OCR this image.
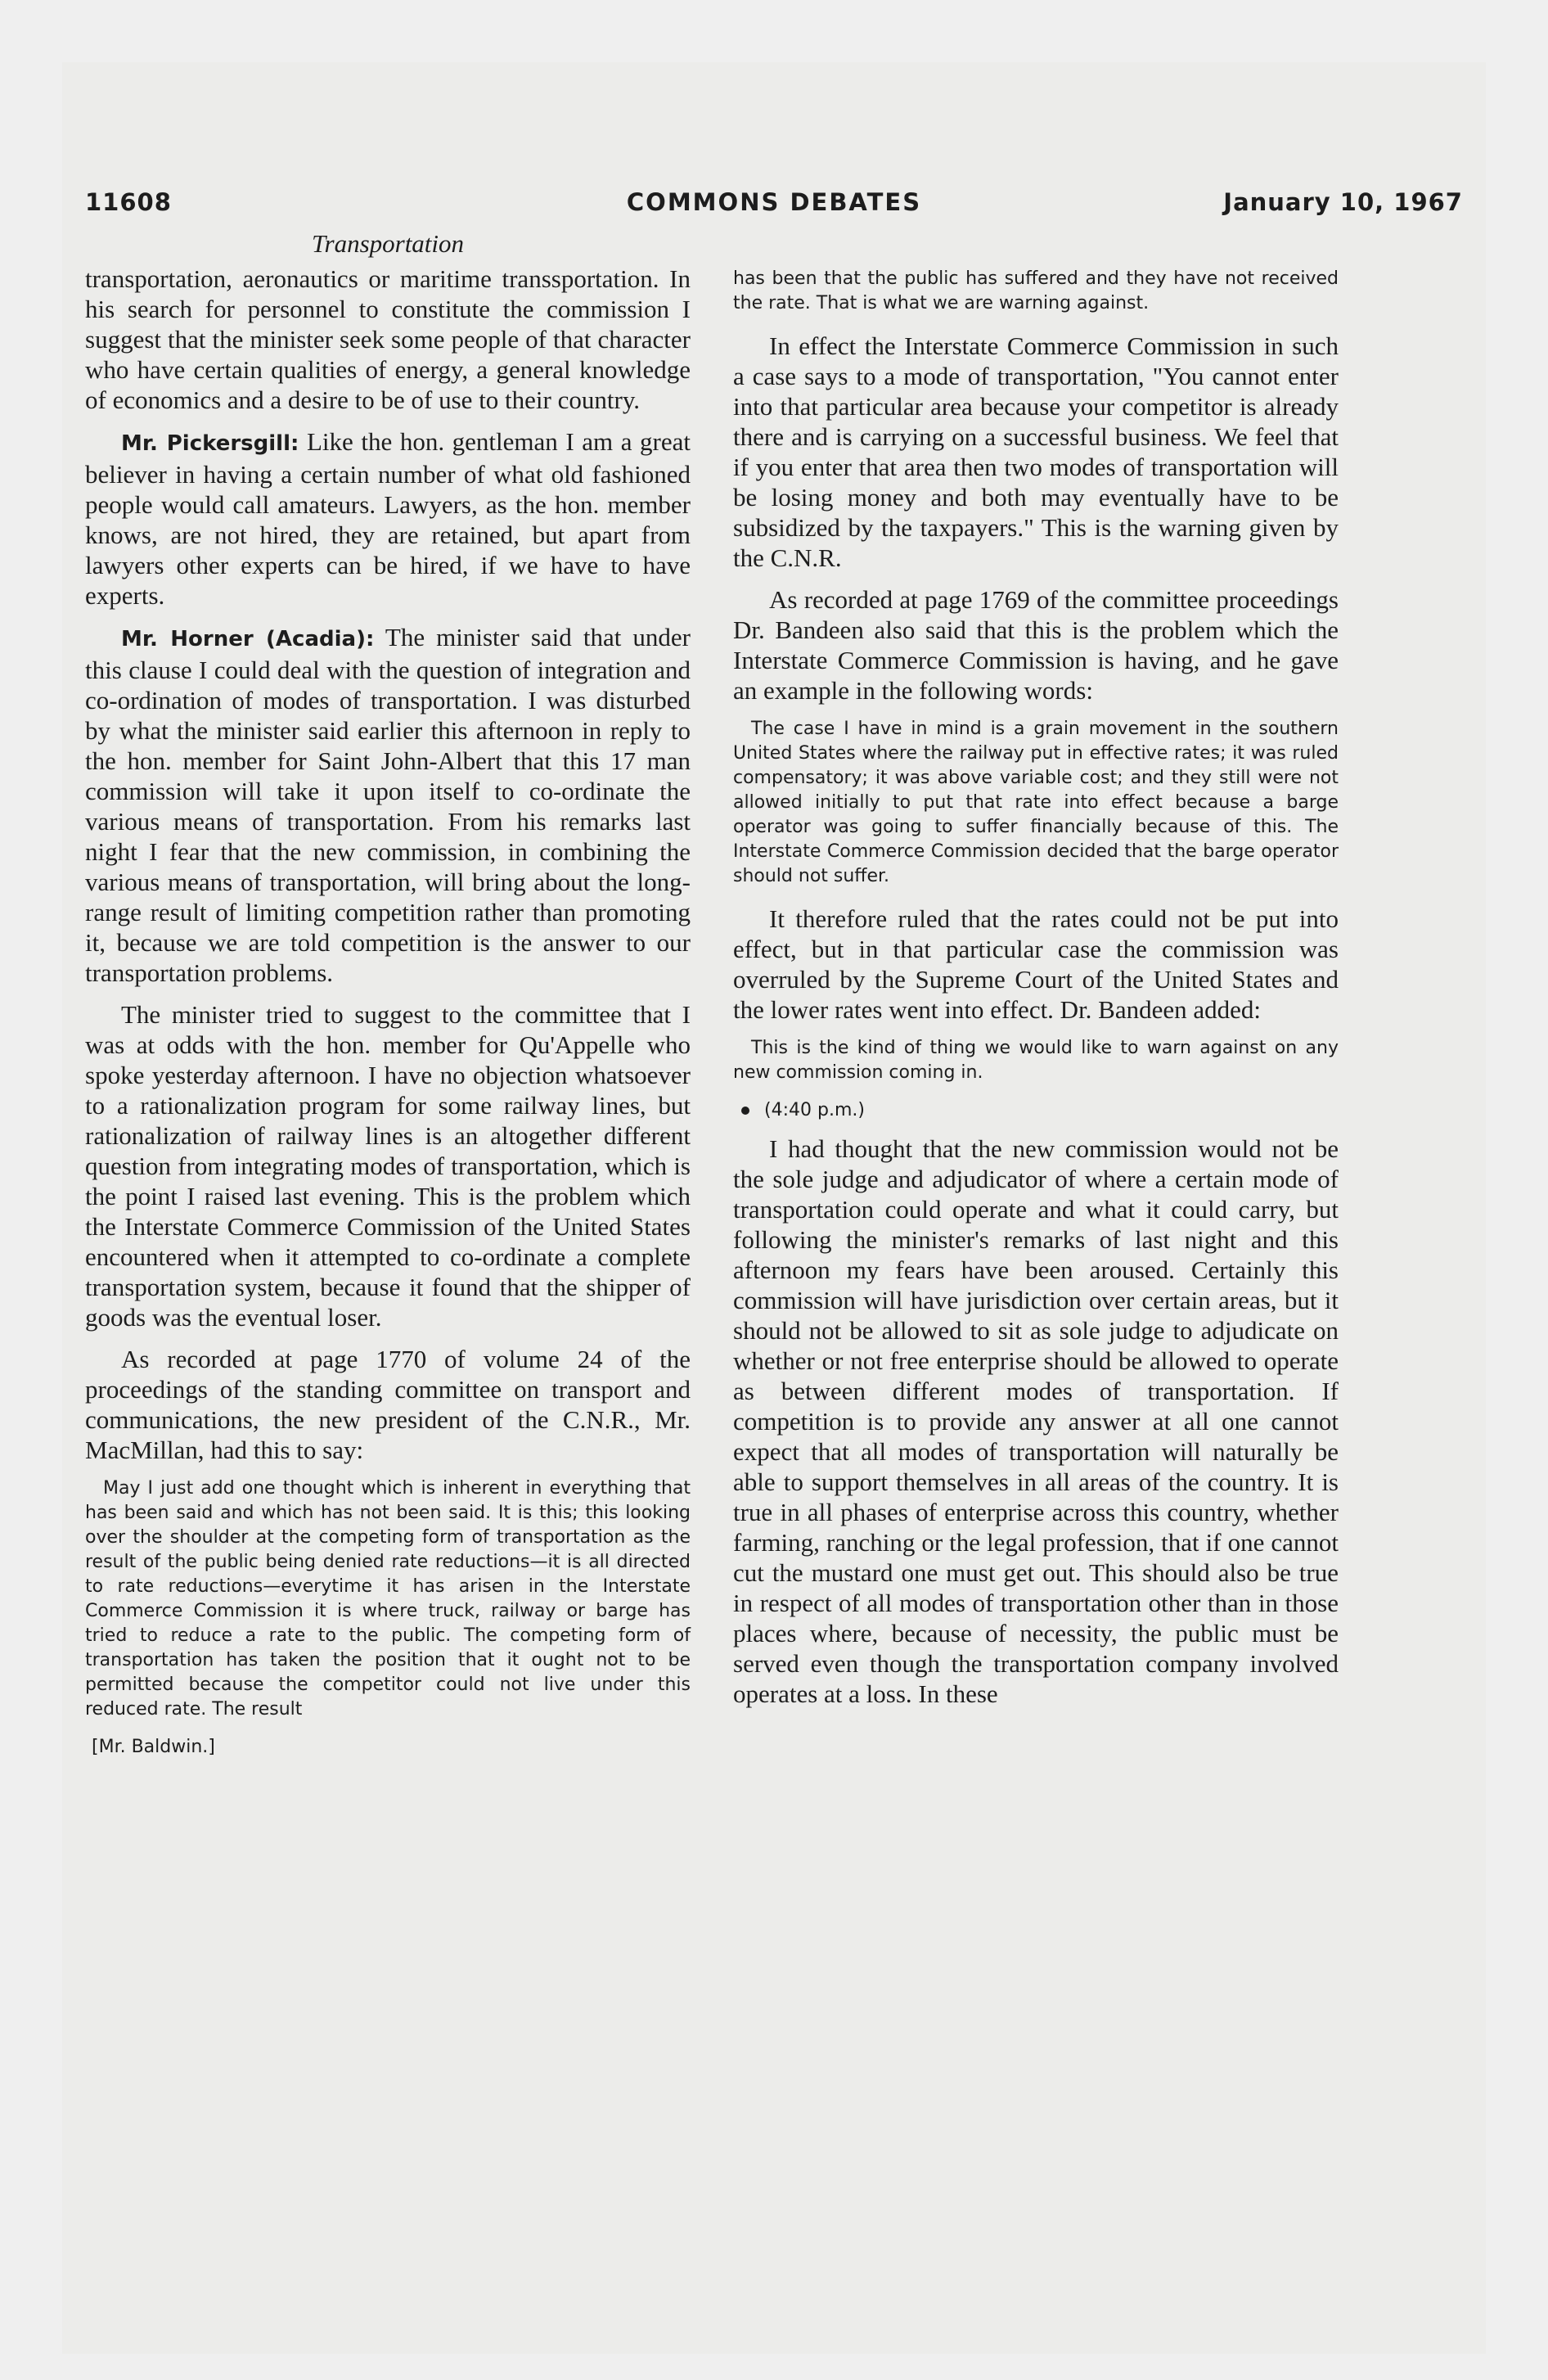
11608	COMMONS DEBATES	January 10, 1967
Transportation

transportation, aeronautics or maritime transsportation. In his search for personnel to constitute the commission I suggest that the minister seek some people of that character who have certain qualities of energy, a general knowledge of economics and a desire to be of use to their country.

Mr. Pickersgill: Like the hon. gentleman I am a great believer in having a certain number of what old fashioned people would call amateurs. Lawyers, as the hon. member knows, are not hired, they are retained, but apart from lawyers other experts can be hired, if we have to have experts.

Mr. Horner (Acadia): The minister said that under this clause I could deal with the question of integration and co-ordination of modes of transportation. I was disturbed by what the minister said earlier this afternoon in reply to the hon. member for Saint John-Albert that this 17 man commission will take it upon itself to co-ordinate the various means of transportation. From his remarks last night I fear that the new commission, in combining the various means of transportation, will bring about the long-range result of limiting competition rather than promoting it, because we are told competition is the answer to our transportation problems.

The minister tried to suggest to the committee that I was at odds with the hon. member for Qu'Appelle who spoke yesterday afternoon. I have no objection whatsoever to a rationalization program for some railway lines, but rationalization of railway lines is an altogether different question from integrating modes of transportation, which is the point I raised last evening. This is the problem which the Interstate Commerce Commission of the United States encountered when it attempted to co-ordinate a complete transportation system, because it found that the shipper of goods was the eventual loser.

As recorded at page 1770 of volume 24 of the proceedings of the standing committee on transport and communications, the new president of the C.N.R., Mr. MacMillan, had this to say:

May I just add one thought which is inherent in everything that has been said and which has not been said. It is this; this looking over the shoulder at the competing form of transportation as the result of the public being denied rate reductions—it is all directed to rate reductions—everytime it has arisen in the Interstate Commerce Commission it is where truck, railway or barge has tried to reduce a rate to the public. The competing form of transportation has taken the position that it ought not to be permitted because the competitor could not live under this reduced rate. The result

[Mr. Baldwin.]

has been that the public has suffered and they have not received the rate. That is what we are warning against.

In effect the Interstate Commerce Commission in such a case says to a mode of transportation, "You cannot enter into that particular area because your competitor is already there and is carrying on a successful business. We feel that if you enter that area then two modes of transportation will be losing money and both may eventually have to be subsidized by the taxpayers." This is the warning given by the C.N.R.

As recorded at page 1769 of the committee proceedings Dr. Bandeen also said that this is the problem which the Interstate Commerce Commission is having, and he gave an example in the following words:

The case I have in mind is a grain movement in the southern United States where the railway put in effective rates; it was ruled compensatory; it was above variable cost; and they still were not allowed initially to put that rate into effect because a barge operator was going to suffer financially because of this. The Interstate Commerce Commission decided that the barge operator should not suffer.

It therefore ruled that the rates could not be put into effect, but in that particular case the commission was overruled by the Supreme Court of the United States and the lower rates went into effect. Dr. Bandeen added:

This is the kind of thing we would like to warn against on any new commission coming in.

(4:40 p.m.)

I had thought that the new commission would not be the sole judge and adjudicator of where a certain mode of transportation could operate and what it could carry, but following the minister's remarks of last night and this afternoon my fears have been aroused. Certainly this commission will have jurisdiction over certain areas, but it should not be allowed to sit as sole judge to adjudicate on whether or not free enterprise should be allowed to operate as between different modes of transportation. If competition is to provide any answer at all one cannot expect that all modes of transportation will naturally be able to support themselves in all areas of the country. It is true in all phases of enterprise across this country, whether farming, ranching or the legal profession, that if one cannot cut the mustard one must get out. This should also be true in respect of all modes of transportation other than in those places where, because of necessity, the public must be served even though the transportation company involved operates at a loss. In these
